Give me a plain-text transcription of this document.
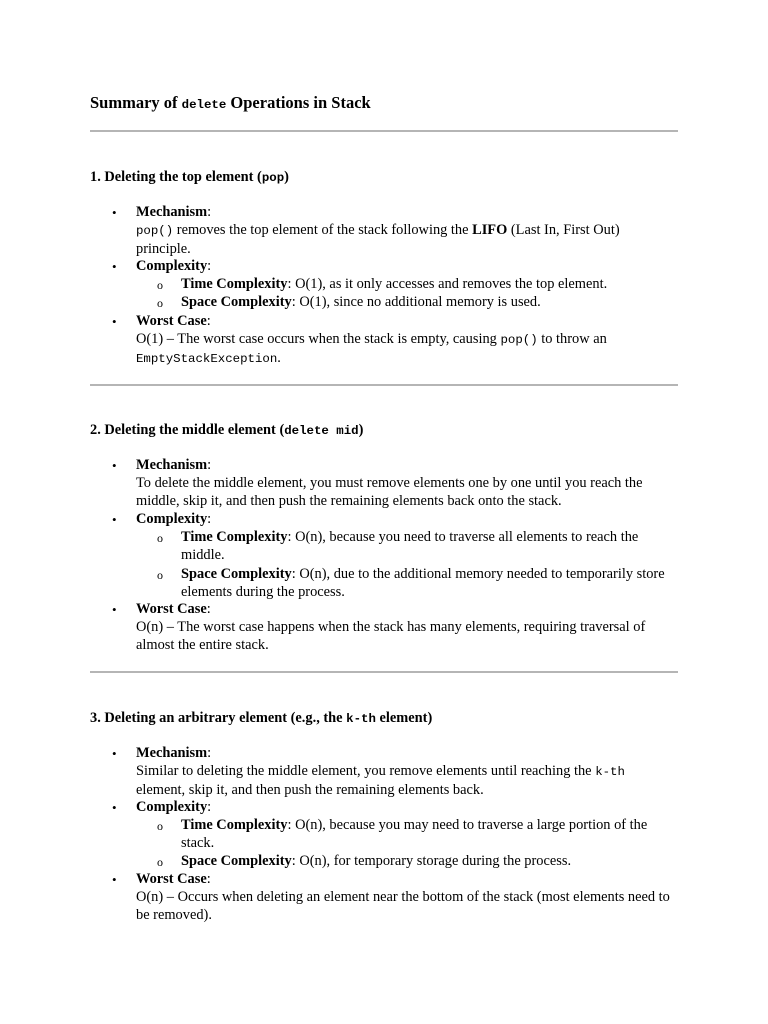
Summary of delete Operations in Stack
1. Deleting the top element (pop)
• Mechanism:
pop() removes the top element of the stack following the LIFO (Last In, First Out) principle.
• Complexity:
o Time Complexity: O(1), as it only accesses and removes the top element.
o Space Complexity: O(1), since no additional memory is used.
• Worst Case:
O(1) – The worst case occurs when the stack is empty, causing pop() to throw an EmptyStackException.
2. Deleting the middle element (delete mid)
• Mechanism:
To delete the middle element, you must remove elements one by one until you reach the middle, skip it, and then push the remaining elements back onto the stack.
• Complexity:
o Time Complexity: O(n), because you need to traverse all elements to reach the middle.
o Space Complexity: O(n), due to the additional memory needed to temporarily store elements during the process.
• Worst Case:
O(n) – The worst case happens when the stack has many elements, requiring traversal of almost the entire stack.
3. Deleting an arbitrary element (e.g., the k-th element)
• Mechanism:
Similar to deleting the middle element, you remove elements until reaching the k-th element, skip it, and then push the remaining elements back.
• Complexity:
o Time Complexity: O(n), because you may need to traverse a large portion of the stack.
o Space Complexity: O(n), for temporary storage during the process.
• Worst Case:
O(n) – Occurs when deleting an element near the bottom of the stack (most elements need to be removed).
